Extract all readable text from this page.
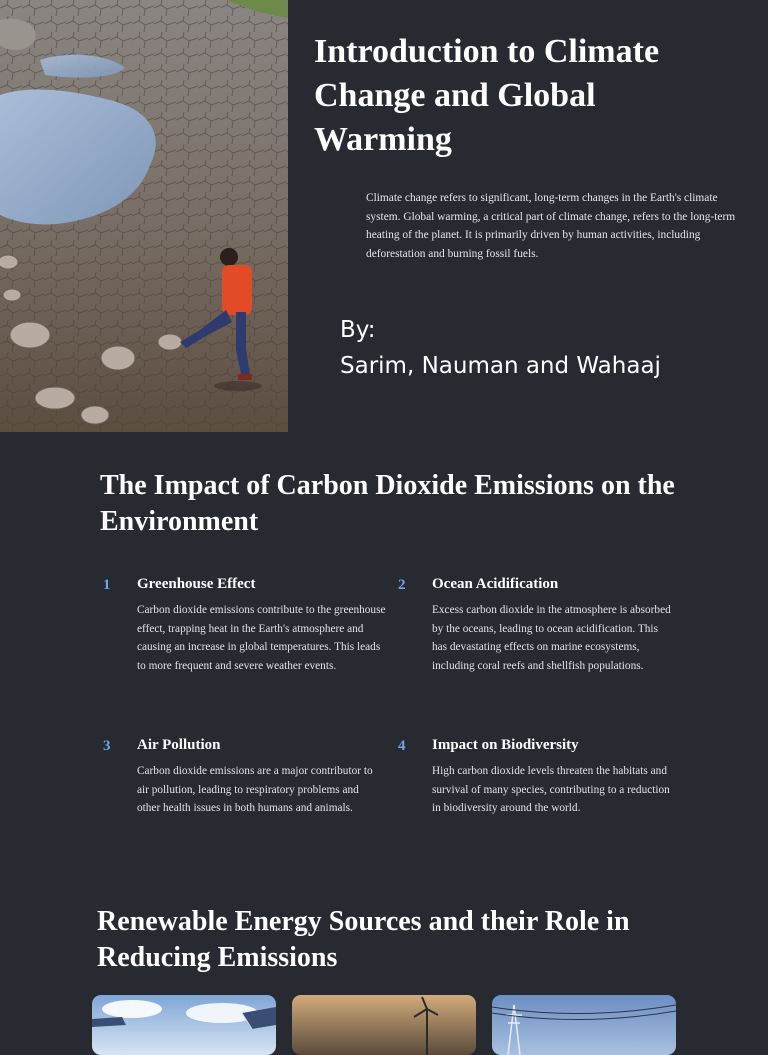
Introduction to Climate Change and Global Warming

Climate change refers to significant, long-term changes in the Earth's climate system. Global warming, a critical part of climate change, refers to the long-term heating of the planet. It is primarily driven by human activities, including deforestation and burning fossil fuels.

By:
Sarim, Nauman and Wahaaj
The Impact of Carbon Dioxide Emissions on the Environment
1	Greenhouse Effect

Carbon dioxide emissions contribute to the greenhouse effect, trapping heat in the Earth's atmosphere and causing an increase in global temperatures. This leads to more frequent and severe weather events.

2	Ocean Acidification

Excess carbon dioxide in the atmosphere is absorbed by the oceans, leading to ocean acidification. This has devastating effects on marine ecosystems, including coral reefs and shellfish populations.

3	Air Pollution

Carbon dioxide emissions are a major contributor to air pollution, leading to respiratory problems and other health issues in both humans and animals.

4	Impact on Biodiversity

High carbon dioxide levels threaten the habitats and survival of many species, contributing to a reduction in biodiversity around the world.

Renewable Energy Sources and their Role in Reducing Emissions
